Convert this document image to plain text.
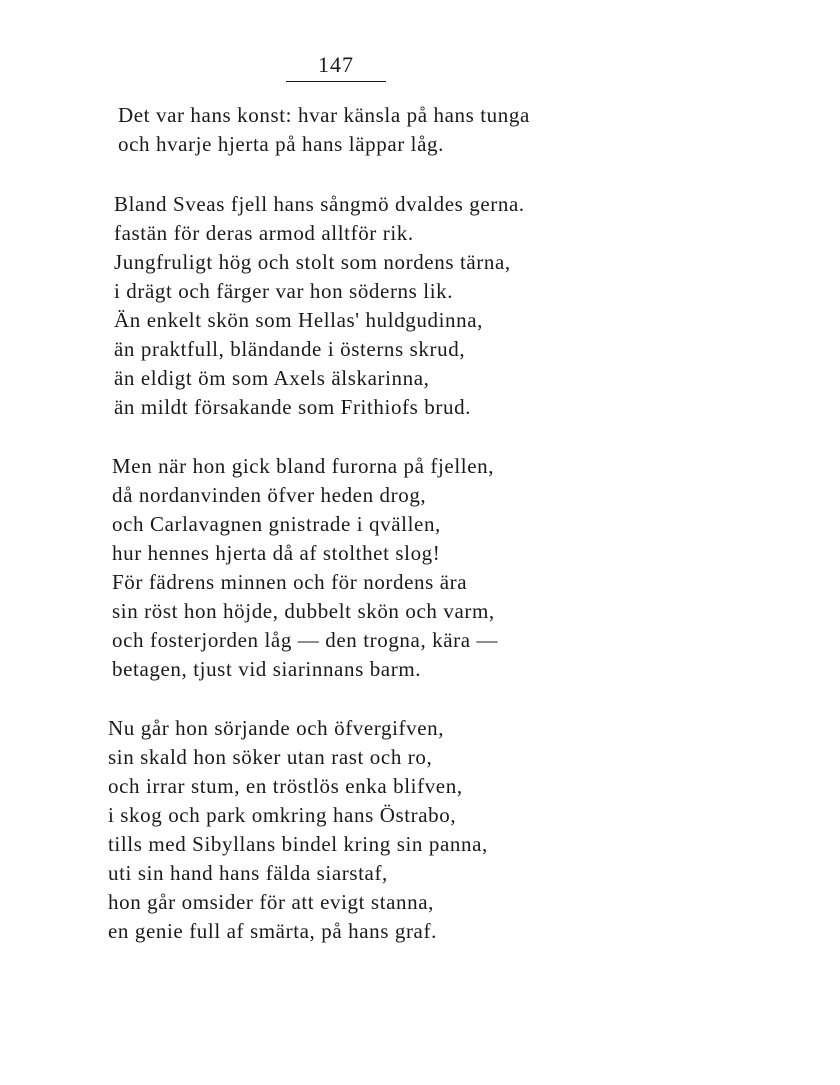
147
Det var hans konst: hvar känsla på hans tunga
och hvarje hjerta på hans läppar låg.
Bland Sveas fjell hans sångmö dvaldes gerna.
fastän för deras armod alltför rik.
Jungfruligt hög och stolt som nordens tärna,
i drägt och färger var hon söderns lik.
Än enkelt skön som Hellas' huldgudinna,
än praktfull, bländande i österns skrud,
än eldigt öm som Axels älskarinna,
än mildt försakande som Frithiofs brud.
Men när hon gick bland furorna på fjellen,
då nordanvinden öfver heden drog,
och Carlavagnen gnistrade i qvällen,
hur hennes hjerta då af stolthet slog!
För fädrens minnen och för nordens ära
sin röst hon höjde, dubbelt skön och varm,
och fosterjorden låg — den trogna, kära —
betagen, tjust vid siarinnans barm.
Nu går hon sörjande och öfvergifven,
sin skald hon söker utan rast och ro,
och irrar stum, en tröstlös enka blifven,
i skog och park omkring hans Östrabo,
tills med Sibyllans bindel kring sin panna,
uti sin hand hans fälda siarstaf,
hon går omsider för att evigt stanna,
en genie full af smärta, på hans graf.
